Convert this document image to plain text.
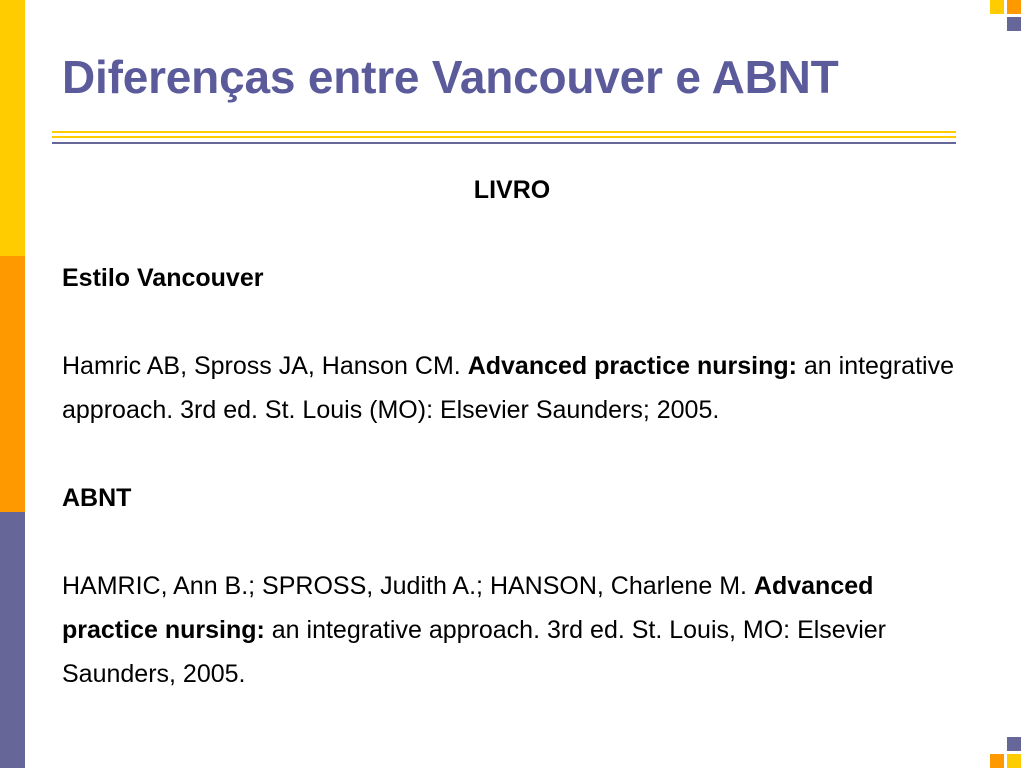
Diferenças entre Vancouver e ABNT

LIVRO

Estilo Vancouver

Hamric AB, Spross JA, Hanson CM. Advanced practice nursing: an integrative approach. 3rd ed. St. Louis (MO): Elsevier Saunders; 2005.

ABNT

HAMRIC, Ann B.; SPROSS, Judith A.; HANSON, Charlene M. Advanced practice nursing: an integrative approach. 3rd ed. St. Louis, MO: Elsevier Saunders, 2005.
